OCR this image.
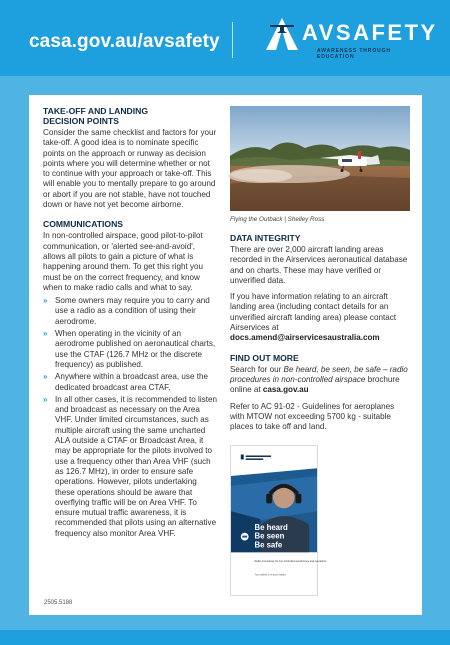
casa.gov.au/avsafety	AVSAFETY
AWARENESS THROUGH EDUCATION
TAKE-OFF AND LANDING
DECISION POINTS

Consider the same checklist and factors for your take-off. A good idea is to nominate specific points on the approach or runway as decision points where you will determine whether or not to continue with your approach or take-off. This will enable you to mentally prepare to go around or abort if you are not stable, have not touched down or have not yet become airborne.

COMMUNICATIONS

In non-controlled airspace, good pilot-to-pilot communication, or 'alerted see-and-avoid', allows all pilots to gain a picture of what is happening around them. To get this right you must be on the correct frequency, and know when to make radio calls and what to say.

» Some owners may require you to carry and use a radio as a condition of using their aerodrome.
» When operating in the vicinity of an aerodrome published on aeronautical charts, use the CTAF (126.7 MHz or the discrete frequency) as published.
» Anywhere within a broadcast area, use the dedicated broadcast area CTAF.
» In all other cases, it is recommended to listen and broadcast as necessary on the Area VHF. Under limited circumstances, such as multiple aircraft using the same uncharted ALA outside a CTAF or Broadcast Area, it may be appropriate for the pilots involved to use a frequency other than Area VHF (such as 126.7 MHz), in order to ensure safe operations. However, pilots undertaking these operations should be aware that overflying traffic will be on Area VHF. To ensure mutual traffic awareness, it is recommended that pilots using an alternative frequency also monitor Area VHF.
Flying the Outback | Shelley Ross
DATA INTEGRITY

There are over 2,000 aircraft landing areas recorded in the Airservices aeronautical database and on charts. These may have verified or unverified data.

If you have information relating to an aircraft landing area (including contact details for an unverified aircraft landing area) please contact Airservices at docs.amend@airservicesaustralia.com

FIND OUT MORE

Search for our Be heard, be seen, be safe – radio procedures in non-controlled airspace brochure online at casa.gov.au

Refer to AC 91-02 - Guidelines for aeroplanes with MTOW not exceeding 5700 kg - suitable places to take off and land.

Be heard
Be seen
Be safe
Radio procedures for non-controlled aerodromes and operations
Your safety is in your hands.
2505.5188
